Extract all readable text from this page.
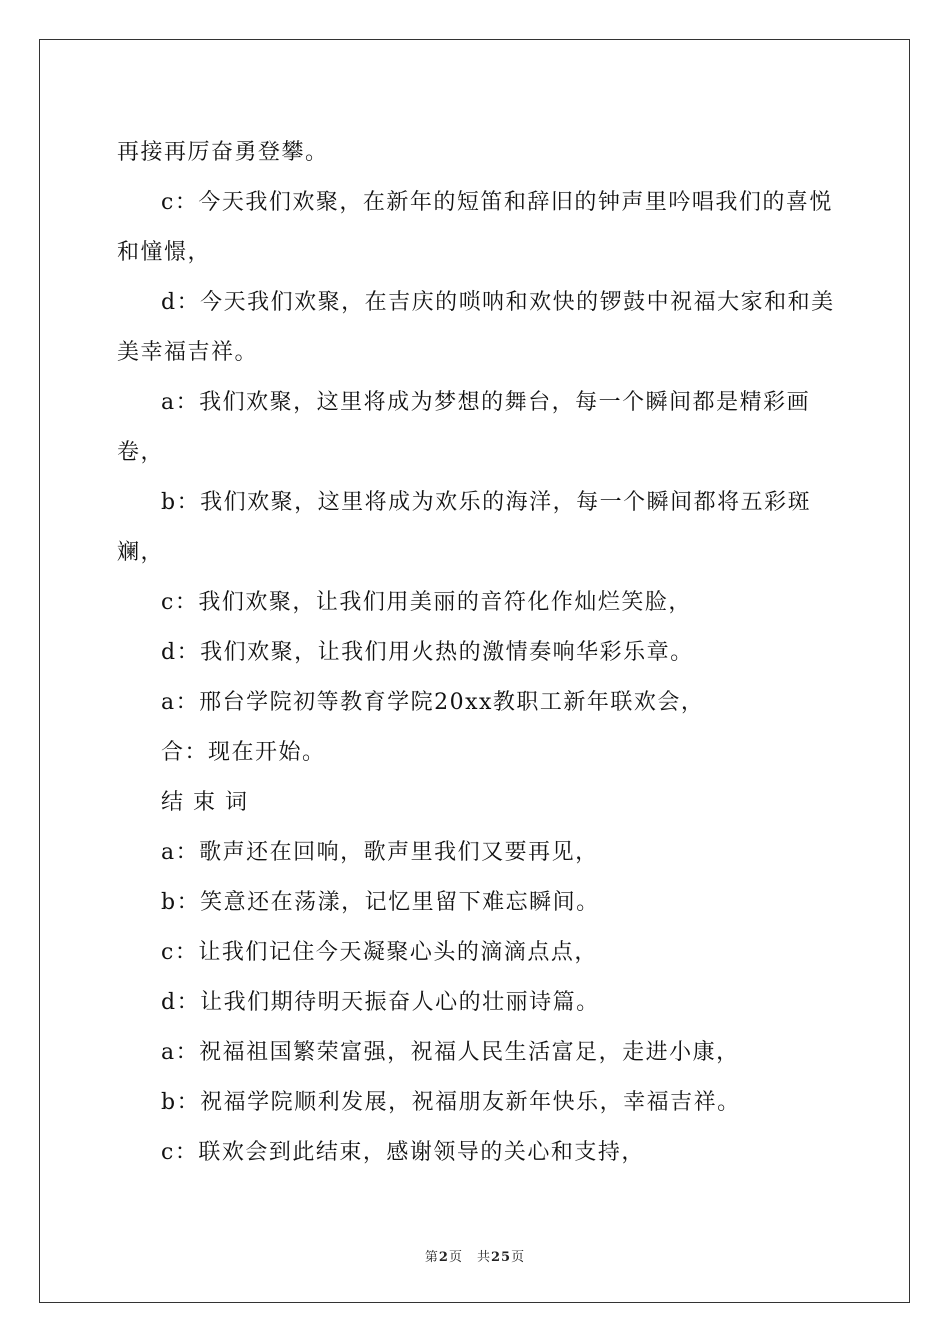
再接再厉奋勇登攀。

c：今天我们欢聚，在新年的短笛和辞旧的钟声里吟唱我们的喜悦和憧憬，

d：今天我们欢聚，在吉庆的唢呐和欢快的锣鼓中祝福大家和和美美幸福吉祥。

a：我们欢聚，这里将成为梦想的舞台，每一个瞬间都是精彩画卷，

b：我们欢聚，这里将成为欢乐的海洋，每一个瞬间都将五彩斑斓，

c：我们欢聚，让我们用美丽的音符化作灿烂笑脸，

d：我们欢聚，让我们用火热的激情奏响华彩乐章。

a：邢台学院初等教育学院20xx教职工新年联欢会，

合：现在开始。

结束词

a：歌声还在回响，歌声里我们又要再见，

b：笑意还在荡漾，记忆里留下难忘瞬间。

c：让我们记住今天凝聚心头的滴滴点点，

d：让我们期待明天振奋人心的壮丽诗篇。

a：祝福祖国繁荣富强，祝福人民生活富足，走进小康，

b：祝福学院顺利发展，祝福朋友新年快乐，幸福吉祥。

c：联欢会到此结束，感谢领导的关心和支持，

第2页 共25页
